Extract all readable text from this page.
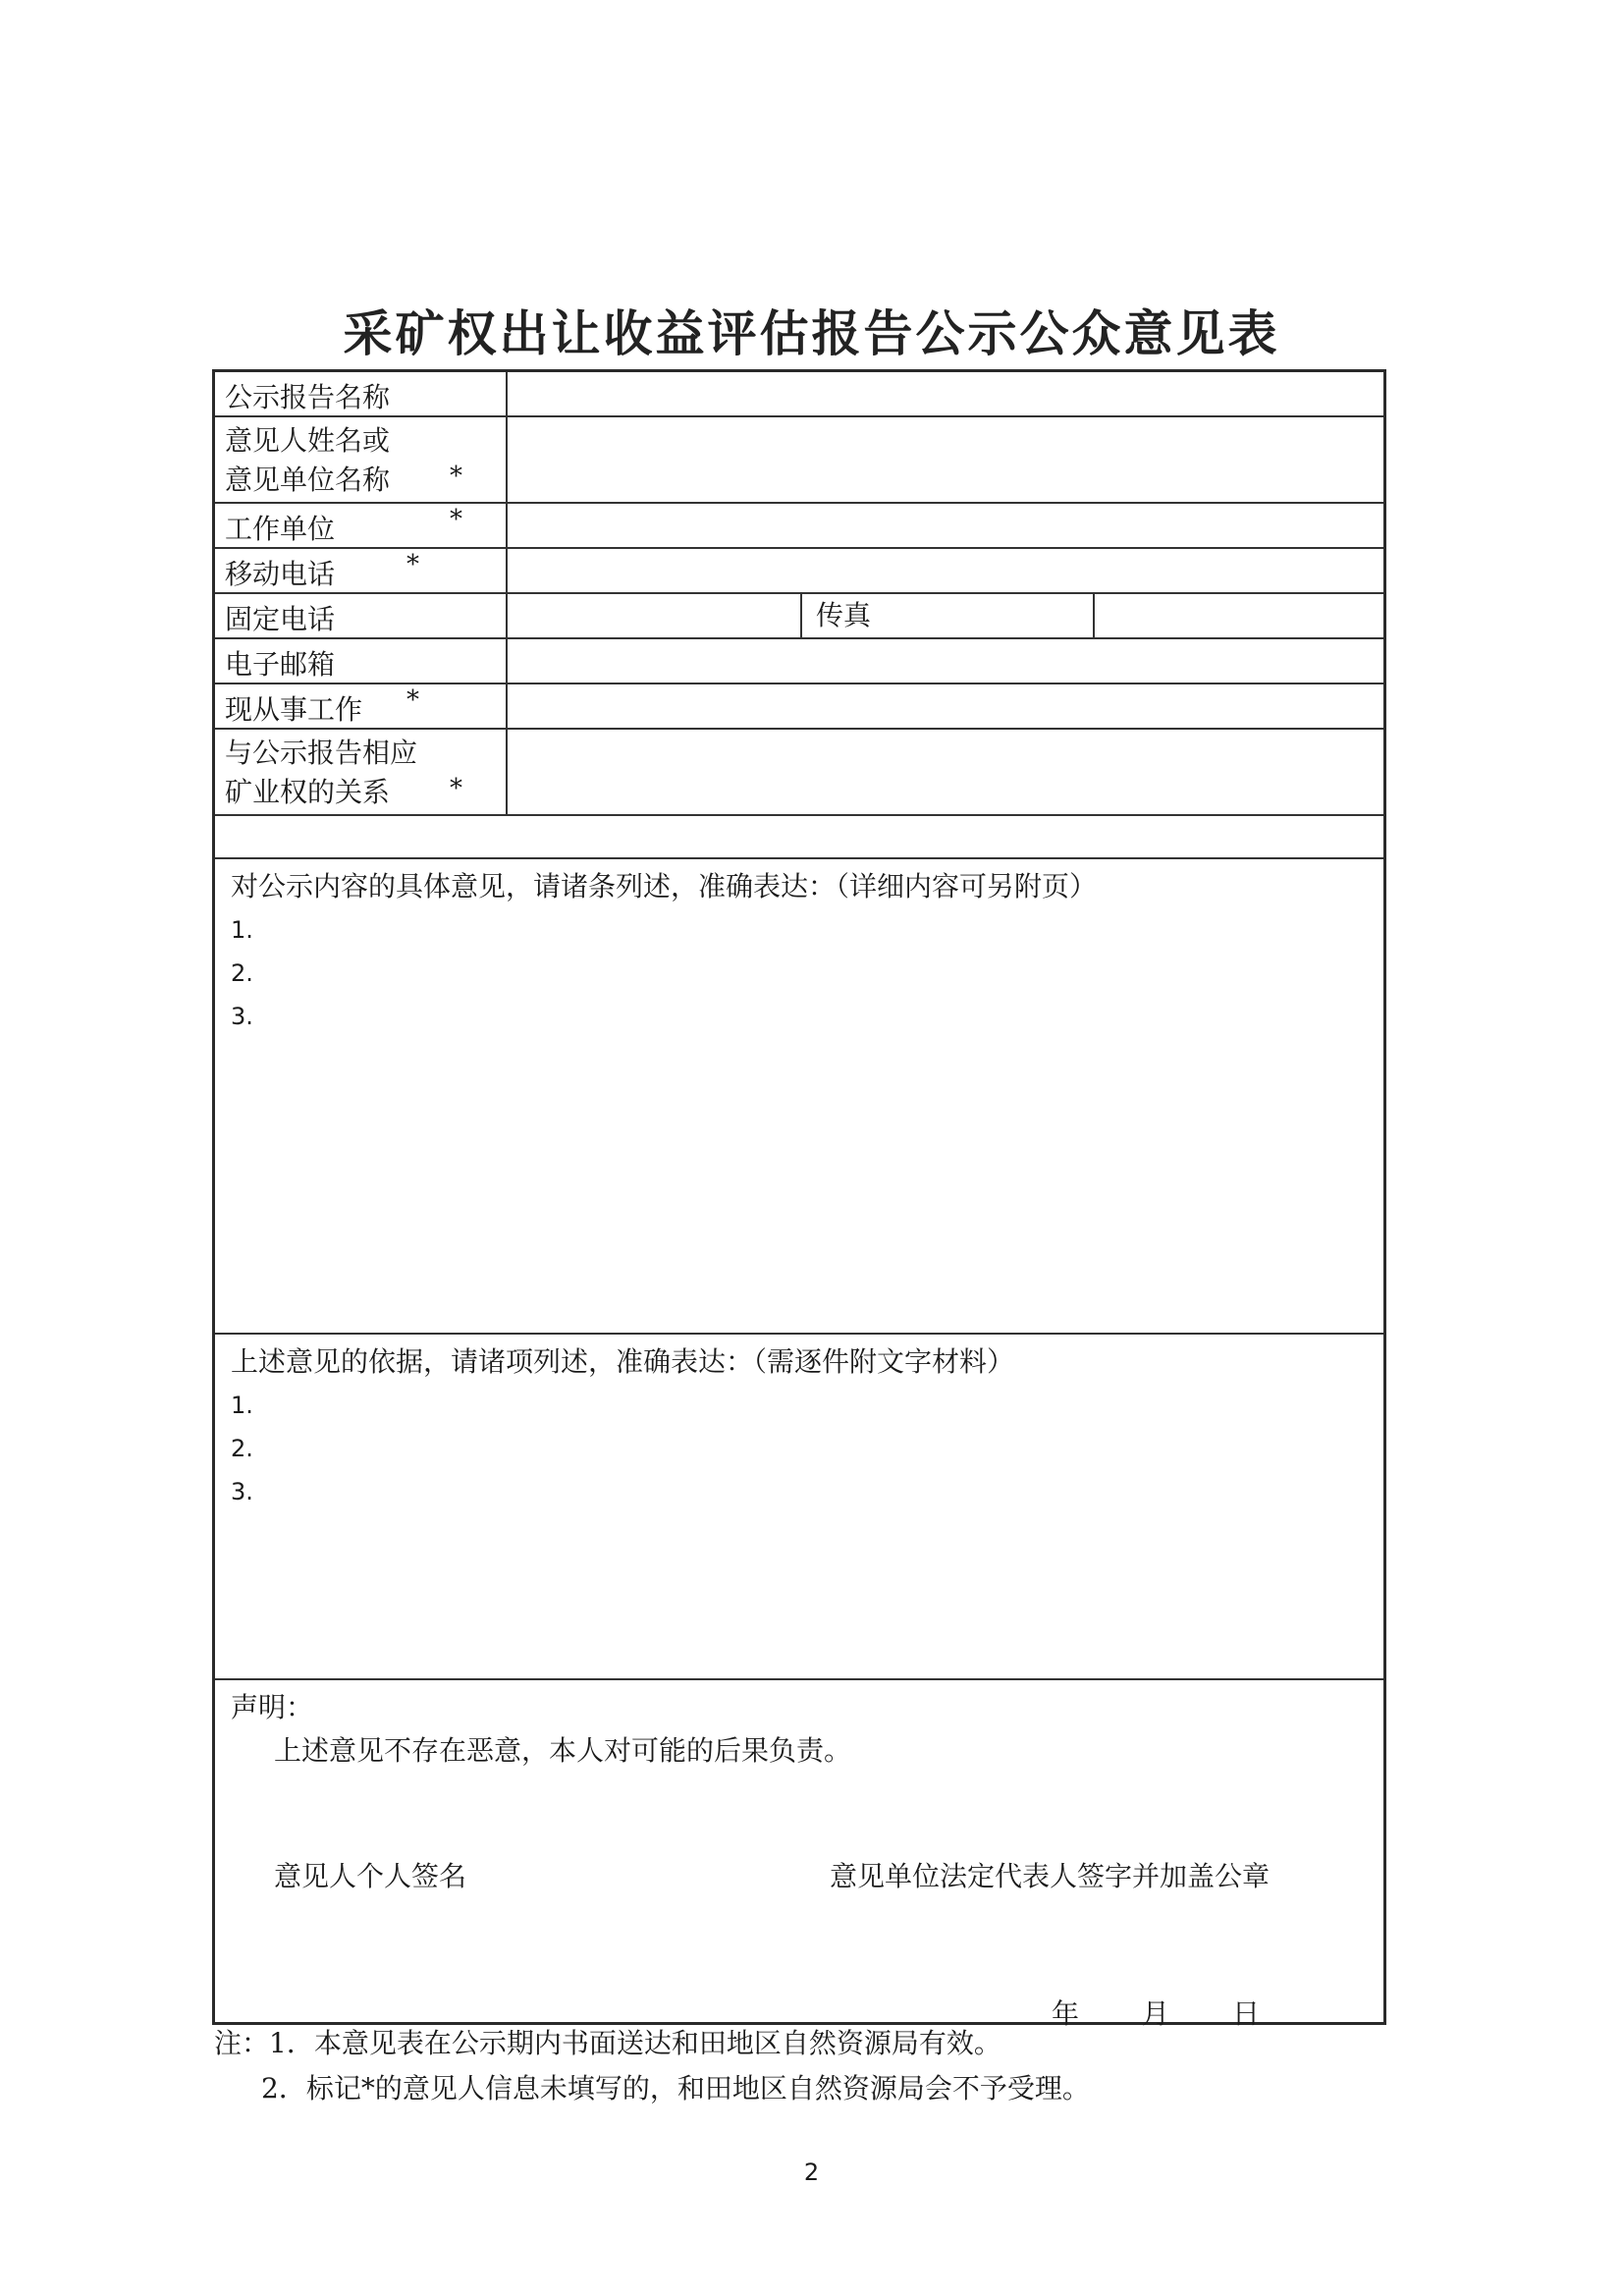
采矿权出让收益评估报告公示公众意见表
公示报告名称
意见人姓名或
意见单位名称	*
工作单位	*
移动电话	*
固定电话	传真
电子邮箱
现从事工作 *
与公示报告相应
矿业权的关系	*
对公示内容的具体意见，请诸条列述，准确表达：（详细内容可另附页）
1.
2.
3.
上述意见的依据，请诸项列述，准确表达：（需逐件附文字材料）
1.
2.
3.
声明：
上述意见不存在恶意，本人对可能的后果负责。
意见人个人签名	意见单位法定代表人签字并加盖公章
年 月 日
注：1．本意见表在公示期内书面送达和田地区自然资源局有效。
2．标记*的意见人信息未填写的，和田地区自然资源局会不予受理。
2
